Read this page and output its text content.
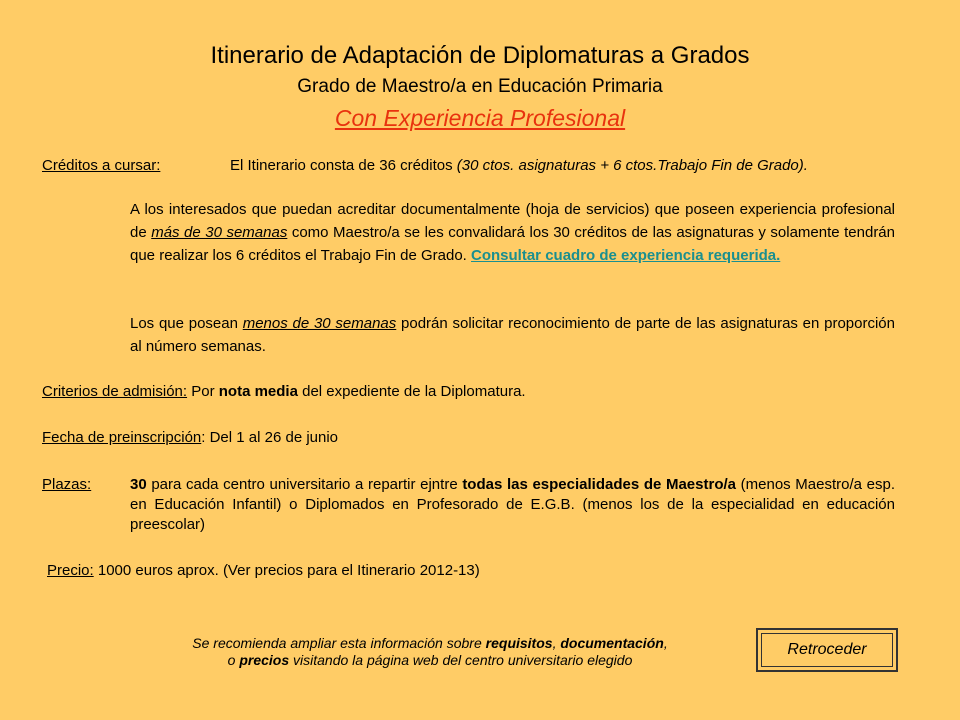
Itinerario de Adaptación de Diplomaturas a Grados
Grado de Maestro/a en Educación Primaria
Con Experiencia Profesional
Créditos a cursar:	El Itinerario consta de 36 créditos (30 ctos. asignaturas + 6 ctos.Trabajo Fin de Grado).
A los interesados que puedan acreditar documentalmente (hoja de servicios) que poseen experiencia profesional de más de 30 semanas como Maestro/a se les convalidará los 30 créditos de las asignaturas y solamente tendrán que realizar los 6 créditos el Trabajo Fin de Grado. Consultar cuadro de experiencia requerida.
Los que posean menos de 30 semanas podrán solicitar reconocimiento de parte de las asignaturas en proporción al número semanas.
Criterios de admisión: Por nota media del expediente de la Diplomatura.
Fecha de preinscripción: Del 1 al 26 de junio
Plazas:	30 para cada centro universitario a repartir ejntre todas las especialidades de Maestro/a (menos Maestro/a esp. en Educación Infantil) o Diplomados en Profesorado de E.G.B. (menos los de la especialidad en educación preescolar)
Precio: 1000 euros aprox. (Ver precios para el Itinerario 2012-13)
Se recomienda ampliar esta información sobre requisitos, documentación,
o precios visitando la página web del centro universitario elegido
Retroceder
